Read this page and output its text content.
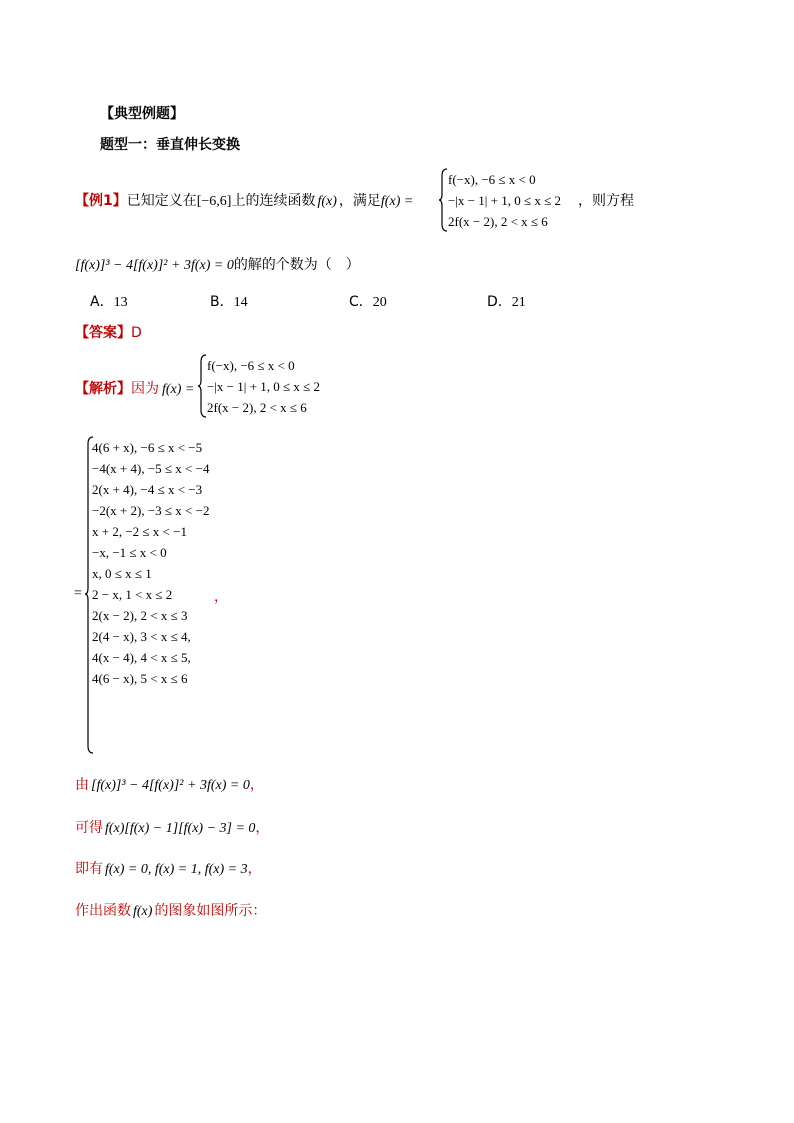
【典型例题】
题型一：垂直伸长变换
【例1】已知定义在[−6,6]上的连续函数 f(x) ，满足f(x) =
f(−x), −6 ≤ x < 0
−|x − 1| + 1, 0 ≤ x ≤ 2
2f(x − 2), 2 < x ≤ 6
，则方程
[f(x)]³ − 4[f(x)]² + 3f(x) = 0的解的个数为（　）
A．13	B．14	C．20	D．21
【答案】D
【解析】因为 f(x) =
f(−x), −6 ≤ x < 0
−|x − 1| + 1, 0 ≤ x ≤ 2
2f(x − 2), 2 < x ≤ 6
=
4(6 + x), −6 ≤ x < −5
−4(x + 4), −5 ≤ x < −4
2(x + 4), −4 ≤ x < −3
−2(x + 2), −3 ≤ x < −2
x + 2, −2 ≤ x < −1
−x, −1 ≤ x < 0
x, 0 ≤ x ≤ 1
2 − x, 1 < x ≤ 2
2(x − 2), 2 < x ≤ 3
2(4 − x), 3 < x ≤ 4,
4(x − 4), 4 < x ≤ 5,
4(6 − x), 5 < x ≤ 6
，
由 [f(x)]³ − 4[f(x)]² + 3f(x) = 0，
可得 f(x)[f(x) − 1][f(x) − 3] = 0，
即有 f(x) = 0, f(x) = 1, f(x) = 3，
作出函数 f(x) 的图象如图所示：
